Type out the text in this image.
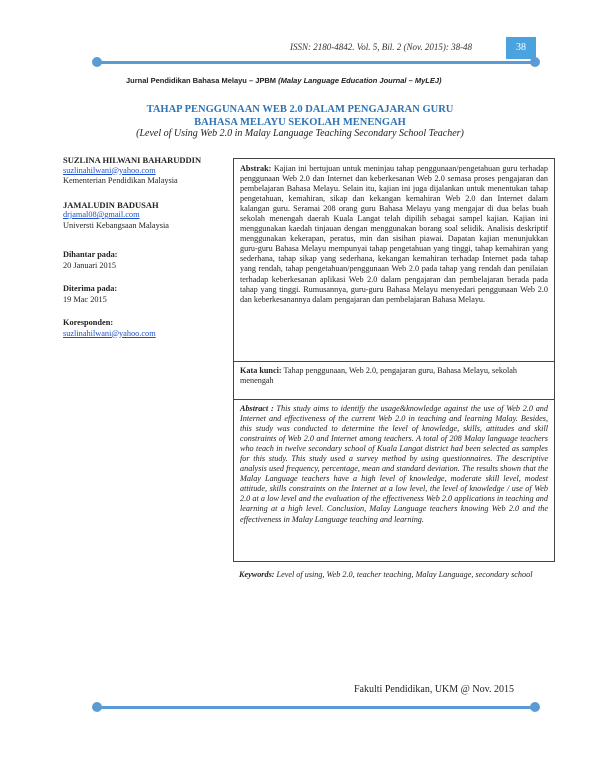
ISSN: 2180-4842. Vol. 5, Bil. 2 (Nov. 2015): 38-48	38
Jurnal Pendidikan Bahasa Melayu – JPBM (Malay Language Education Journal – MyLEJ)
TAHAP PENGGUNAAN WEB 2.0 DALAM PENGAJARAN GURU
BAHASA MELAYU SEKOLAH MENENGAH
(Level of Using Web 2.0 in Malay Language Teaching Secondary School Teacher)
SUZLINA HILWANI BAHARUDDIN
suzlinahilwani@yahoo.com
Kementerian Pendidikan Malaysia
JAMALUDIN BADUSAH
drjamal08@gmail.com
Universti Kebangsaan Malaysia
Dihantar pada:
20 Januari 2015
Diterima pada:
19 Mac 2015
Koresponden:
suzlinahilwani@yahoo.com
Abstrak: Kajian ini bertujuan untuk meninjau tahap penggunaan/pengetahuan guru terhadap penggunaan Web 2.0 dan Internet dan keberkesanan Web 2.0 semasa proses pengajaran dan pembelajaran Bahasa Melayu. Selain itu, kajian ini juga dijalankan untuk menentukan tahap pengetahuan, kemahiran, sikap dan kekangan kemahiran Web 2.0 dan Internet dalam kalangan guru. Seramai 208 orang guru Bahasa Melayu yang mengajar di dua belas buah sekolah menengah daerah Kuala Langat telah dipilih sebagai sampel kajian. Kajian ini menggunakan kaedah tinjauan dengan menggunakan borang soal selidik. Analisis deskriptif menggunakan kekerapan, peratus, min dan sisihan piawai. Dapatan kajian menunjukkan guru-guru Bahasa Melayu mempunyai tahap pengetahuan yang tinggi, tahap kemahiran yang sederhana, tahap sikap yang sederhana, kekangan kemahiran terhadap Internet pada tahap yang rendah, tahap pengetahuan/penggunaan Web 2.0 pada tahap yang rendah dan penilaian terhadap keberkesanan aplikasi Web 2.0 dalam pengajaran dan pembelajaran berada pada tahap yang tinggi. Rumusannya, guru-guru Bahasa Melayu menyedari penggunaan Web 2.0 dan keberkesanannya dalam pengajaran dan pembelajaran Bahasa Melayu.
Kata kunci: Tahap penggunaan, Web 2.0, pengajaran guru, Bahasa Melayu, sekolah menengah
Abstract : This study aims to identify the usage&knowledge against the use of Web 2.0 and Internet and effectiveness of the current Web 2.0 in teaching and learning Malay. Besides, this study was conducted to determine the level of knowledge, skills, attitudes and skill constraints of Web 2.0 and Internet among teachers. A total of 208 Malay language teachers who teach in twelve secondary school of Kuala Langat district had been selected as samples for this study. This study used a survey method by using questionnaires. The descriptive analysis used frequency, percentage, mean and standard deviation. The results shown that the Malay Language teachers have a high level of knowledge, moderate skill level, modest attitude, skills constraints on the Internet at a low level, the level of knowledge / use of Web 2.0 at a low level and the evaluation of the effectiveness Web 2.0 applications in teaching and learning at a high level. Conclusion, Malay Language teachers knowing Web 2.0 and the effectiveness in Malay Language teaching and learning.
Keywords: Level of using, Web 2.0, teacher teaching, Malay Language, secondary school
Fakulti Pendidikan, UKM @ Nov. 2015
